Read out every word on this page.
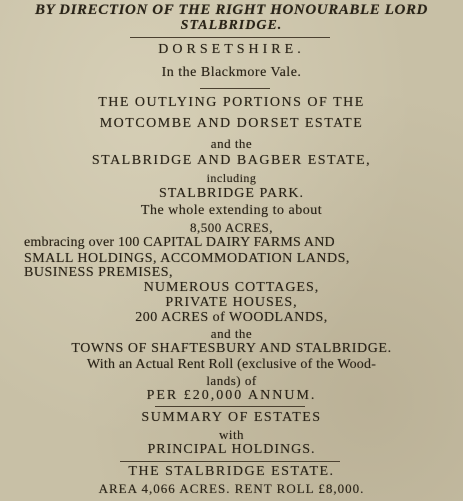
BY DIRECTION OF THE RIGHT HONOURABLE LORD
STALBRIDGE.
DORSETSHIRE.
In the Blackmore Vale.
THE OUTLYING PORTIONS OF THE
MOTCOMBE AND DORSET ESTATE
and the
STALBRIDGE AND BAGBER ESTATE,
including
STALBRIDGE PARK.
The whole extending to about
8,500 ACRES,
embracing over 100 CAPITAL DAIRY FARMS AND
SMALL HOLDINGS, ACCOMMODATION LANDS,
BUSINESS PREMISES,
NUMEROUS COTTAGES,
PRIVATE HOUSES,
200 ACRES of WOODLANDS,
and the
TOWNS OF SHAFTESBURY AND STALBRIDGE.
With an Actual Rent Roll (exclusive of the Wood-
lands) of
PER £20,000 ANNUM.
SUMMARY OF ESTATES
with
PRINCIPAL HOLDINGS.
THE STALBRIDGE ESTATE.
AREA 4,066 ACRES. RENT ROLL £8,000.
